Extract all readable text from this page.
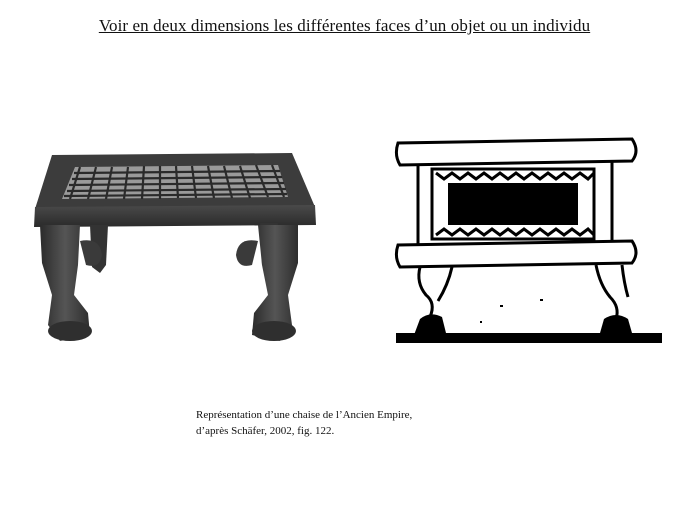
Voir en deux dimensions les différentes faces d’un objet ou un individu
Représentation d’une chaise de l’Ancien Empire,
d’après Schäfer, 2002, fig. 122.
